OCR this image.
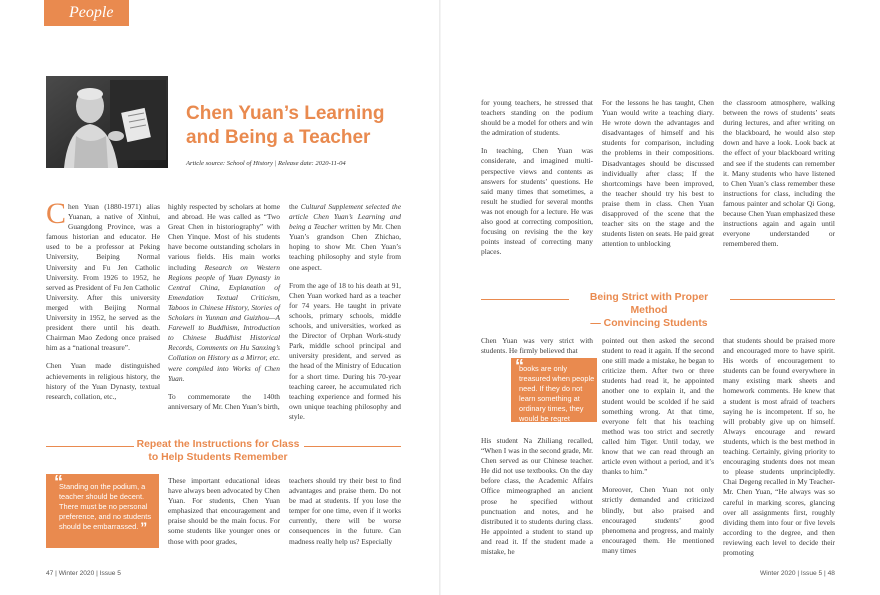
People
Chen Yuan’s Learning
and Being a Teacher
Article source: School of History | Release date: 2020-11-04

Chen Yuan (1880-1971) alias Yuanan, a native of Xinhui, Guangdong Province, was a famous historian and educator. He used to be a professor at Peking University, Beiping Normal University and Fu Jen Catholic University. From 1926 to 1952, he served as President of Fu Jen Catholic University. After this university merged with Beijing Normal University in 1952, he served as the president there until his death. Chairman Mao Zedong once praised him as a “national treasure”.

Chen Yuan made distinguished achievements in religious history, the history of the Yuan Dynasty, textual research, collation, etc.,

highly respected by scholars at home and abroad. He was called as “Two Great Chen in historiography” with Chen Yinque. Most of his students have become outstanding scholars in various fields. His main works including Research on Western Regions people of Yuan Dynasty in Central China, Explanation of Emendation Textual Criticism, Taboos in Chinese History, Stories of Scholars in Yunnan and Guizhou—A Farewell to Buddhism, Introduction to Chinese Buddhist Historical Records, Comments on Hu Sanxing’s Collation on History as a Mirror, etc. were compiled into Works of Chen Yuan.

To commemorate the 140th anniversary of Mr. Chen Yuan’s birth,

the Cultural Supplement selected the article Chen Yuan’s Learning and being a Teacher written by Mr. Chen Yuan’s grandson Chen Zhichao, hoping to show Mr. Chen Yuan’s teaching philosophy and style from one aspect.

From the age of 18 to his death at 91, Chen Yuan worked hard as a teacher for 74 years. He taught in private schools, primary schools, middle schools, and universities, worked as the Director of Orphan Work-study Park, middle school principal and university president, and served as the head of the Ministry of Education for a short time. During his 70-year teaching career, he accumulated rich teaching experience and formed his own unique teaching philosophy and style.

Repeat the Instructions for Class
to Help Students Remember
“
Standing on the podium, a teacher should be decent. There must be no personal preference, and no students should be embarrassed. ”

These important educational ideas have always been advocated by Chen Yuan. For students, Chen Yuan emphasized that encouragement and praise should be the main focus. For some students like younger ones or those with poor grades,

teachers should try their best to find advantages and praise them. Do not be mad at students. If you lose the temper for one time, even if it works currently, there will be worse consequences in the future. Can madness really help us? Especially

for young teachers, he stressed that teachers standing on the podium should be a model for others and win the admiration of students.

In teaching, Chen Yuan was considerate, and imagined multi-perspective views and contents as answers for students’ questions. He said many times that sometimes, a result he studied for several months was not enough for a lecture. He was also good at correcting composition, focusing on revising the the key points instead of correcting many places.

For the lessons he has taught, Chen Yuan would write a teaching diary. He wrote down the advantages and disadvantages of himself and his students for comparison, including the problems in their compositions. Disadvantages should be discussed individually after class; If the shortcomings have been improved, the teacher should try his best to praise them in class. Chen Yuan disapproved of the scene that the teacher sits on the stage and the students listen on seats. He paid great attention to unblocking

the classroom atmosphere, walking between the rows of students’ seats during lectures, and after writing on the blackboard, he would also step down and have a look. Look back at the effect of your blackboard writing and see if the students can remember it. Many students who have listened to Chen Yuan’s class remember these instructions for class, including the famous painter and scholar Qi Gong, because Chen Yuan emphasized these instructions again and again until everyone understanded or remembered them.

Being Strict with Proper Method
— Convincing Students

Chen Yuan was very strict with students. He firmly believed that

“
books are only treasured when people need. If they do not learn something at ordinary times, they would be regret permanently.

His student Na Zhiliang recalled, “When I was in the second grade, Mr. Chen served as our Chinese teacher. He did not use textbooks. On the day before class, the Academic Affairs Office mimeographed an ancient prose he specified without punctuation and notes, and he distributed it to students during class. He appointed a student to stand up and read it. If the student made a mistake, he

pointed out then asked the second student to read it again. If the second one still made a mistake, he began to criticize them. After two or three students had read it, he appointed another one to explain it, and the student would be scolded if he said something wrong. At that time, everyone felt that his teaching method was too strict and secretly called him Tiger. Until today, we know that we can read through an article even without a period, and it’s thanks to him.”

Moreover, Chen Yuan not only strictly demanded and criticized blindly, but also praised and encouraged students’ good phenomena and progress, and mainly encouraged them. He mentioned many times

that students should be praised more and encouraged more to have spirit. His words of encouragement to students can be found everywhere in many existing mark sheets and homework comments. He knew that a student is most afraid of teachers saying he is incompetent. If so, he will probably give up on himself. Always encourage and reward students, which is the best method in teaching. Certainly, giving priority to encouraging students does not mean to please students unprincipledly. Chai Degeng recalled in My Teacher-Mr. Chen Yuan, “He always was so careful in marking scores, glancing over all assignments first, roughly dividing them into four or five levels according to the degree, and then reviewing each level to decide their promoting

47 | Winter 2020 | Issue 5	Winter 2020 | Issue 5 | 48
